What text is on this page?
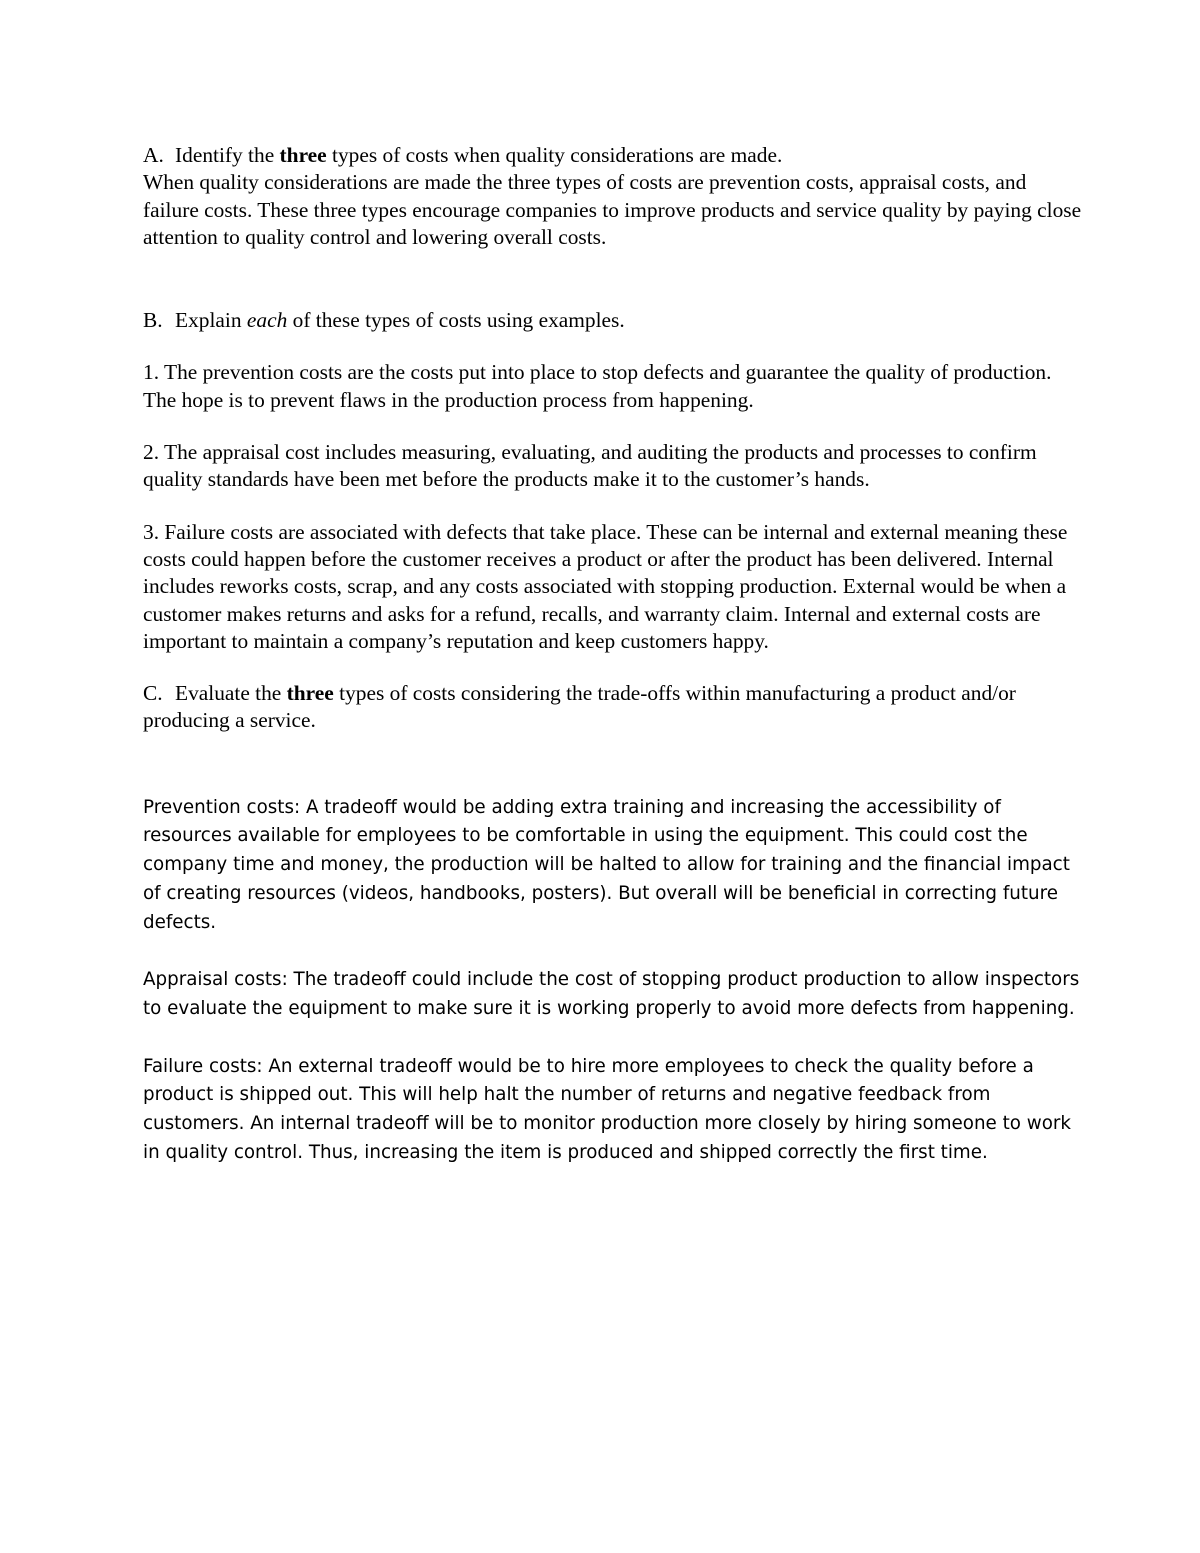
A. Identify the three types of costs when quality considerations are made.

When quality considerations are made the three types of costs are prevention costs, appraisal costs, and failure costs. These three types encourage companies to improve products and service quality by paying close attention to quality control and lowering overall costs.

B. Explain each of these types of costs using examples.

1. The prevention costs are the costs put into place to stop defects and guarantee the quality of production. The hope is to prevent flaws in the production process from happening.

2. The appraisal cost includes measuring, evaluating, and auditing the products and processes to confirm quality standards have been met before the products make it to the customer’s hands.

3. Failure costs are associated with defects that take place. These can be internal and external meaning these costs could happen before the customer receives a product or after the product has been delivered. Internal includes reworks costs, scrap, and any costs associated with stopping production. External would be when a customer makes returns and asks for a refund, recalls, and warranty claim. Internal and external costs are important to maintain a company’s reputation and keep customers happy.

C. Evaluate the three types of costs considering the trade-offs within manufacturing a product and/or producing a service.

Prevention costs: A tradeoff would be adding extra training and increasing the accessibility of resources available for employees to be comfortable in using the equipment. This could cost the company time and money, the production will be halted to allow for training and the financial impact of creating resources (videos, handbooks, posters). But overall will be beneficial in correcting future defects.

Appraisal costs: The tradeoff could include the cost of stopping product production to allow inspectors to evaluate the equipment to make sure it is working properly to avoid more defects from happening.

Failure costs: An external tradeoff would be to hire more employees to check the quality before a product is shipped out. This will help halt the number of returns and negative feedback from customers. An internal tradeoff will be to monitor production more closely by hiring someone to work in quality control. Thus, increasing the item is produced and shipped correctly the first time.
